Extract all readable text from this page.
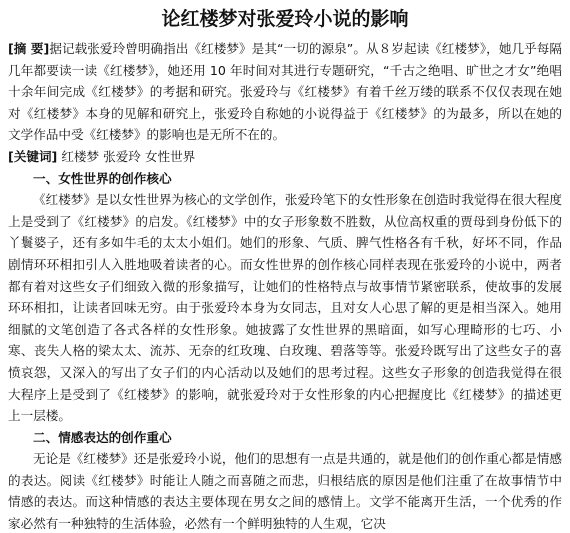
论红楼梦对张爱玲小说的影响

[摘 要]据记载张爱玲曾明确指出《红楼梦》是其“一切的源泉”。从８岁起读《红楼梦》，她几乎每隔几年都要读一读《红楼梦》，她还用 10 年时间对其进行专题研究，“千古之绝唱、旷世之才女”绝唱十余年间完成《红楼梦》的考据和研究。张爱玲与《红楼梦》有着千丝万缕的联系不仅仅表现在她对《红楼梦》本身的见解和研究上，张爱玲自称她的小说得益于《红楼梦》的为最多，所以在她的文学作品中受《红楼梦》的影响也是无所不在的。

[关键词] 红楼梦 张爱玲 女性世界

一、女性世界的创作核心

《红楼梦》是以女性世界为核心的文学创作，张爱玲笔下的女性形象在创造时我觉得在很大程度上是受到了《红楼梦》的启发。《红楼梦》中的女子形象数不胜数，从位高权重的贾母到身份低下的丫鬟婆子，还有多如牛毛的太太小姐们。她们的形象、气质、脾气性格各有千秋，好坏不同，作品剧情环环相扣引人入胜地吸着读者的心。而女性世界的创作核心同样表现在张爱玲的小说中，两者都有着对这些女子们细致入微的形象描写，让她们的性格特点与故事情节紧密联系，使故事的发展环环相扣，让读者回味无穷。由于张爱玲本身为女同志，且对女人心思了解的更是相当深入。她用细腻的文笔创造了各式各样的女性形象。她披露了女性世界的黑暗面，如写心理畸形的七巧、小寒、丧失人格的梁太太、流苏、无奈的红玫瑰、白玫瑰、碧落等等。张爱玲既写出了这些女子的喜愤哀怨，又深入的写出了女子们的内心活动以及她们的思考过程。这些女子形象的创造我觉得在很大程序上是受到了《红楼梦》的影响，就张爱玲对于女性形象的内心把握度比《红楼梦》的描述更上一层楼。

二、情感表达的创作重心

无论是《红楼梦》还是张爱玲小说，他们的思想有一点是共通的，就是他们的创作重心都是情感的表达。阅读《红楼梦》时能让人随之而喜随之而悲，归根结底的原因是他们注重了在故事情节中情感的表达。而这种情感的表达主要体现在男女之间的感情上。文学不能离开生活，一个优秀的作家必然有一种独特的生活体验，必然有一个鲜明独特的人生观，它决
